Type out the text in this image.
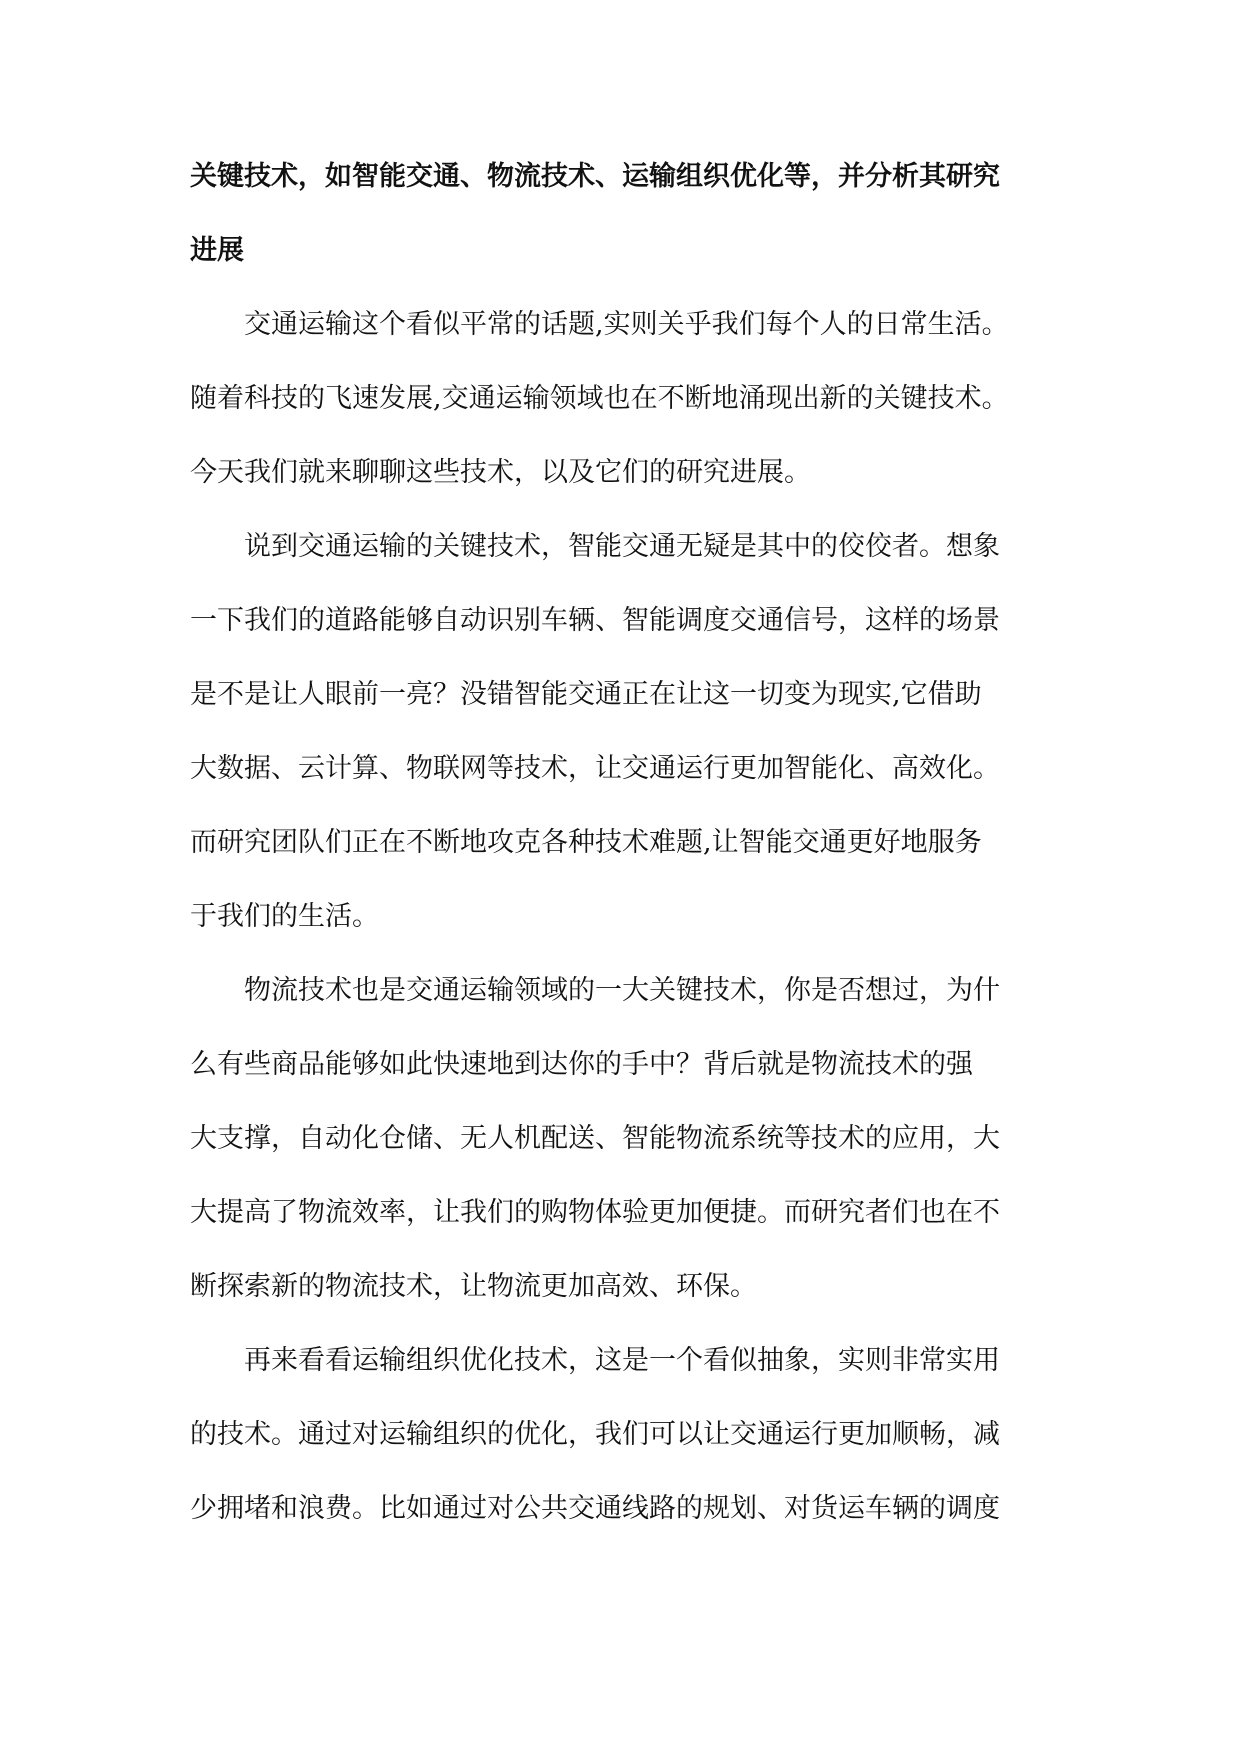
关键技术，如智能交通、物流技术、运输组织优化等，并分析其研究
进展

交通运输这个看似平常的话题,实则关乎我们每个人的日常生活。
随着科技的飞速发展,交通运输领域也在不断地涌现出新的关键技术。
今天我们就来聊聊这些技术，以及它们的研究进展。

说到交通运输的关键技术，智能交通无疑是其中的佼佼者。想象
一下我们的道路能够自动识别车辆、智能调度交通信号，这样的场景
是不是让人眼前一亮？没错智能交通正在让这一切变为现实,它借助
大数据、云计算、物联网等技术，让交通运行更加智能化、高效化。
而研究团队们正在不断地攻克各种技术难题,让智能交通更好地服务
于我们的生活。

物流技术也是交通运输领域的一大关键技术，你是否想过，为什
么有些商品能够如此快速地到达你的手中？背后就是物流技术的强
大支撑，自动化仓储、无人机配送、智能物流系统等技术的应用，大
大提高了物流效率，让我们的购物体验更加便捷。而研究者们也在不
断探索新的物流技术，让物流更加高效、环保。

再来看看运输组织优化技术，这是一个看似抽象，实则非常实用
的技术。通过对运输组织的优化，我们可以让交通运行更加顺畅，减
少拥堵和浪费。比如通过对公共交通线路的规划、对货运车辆的调度
